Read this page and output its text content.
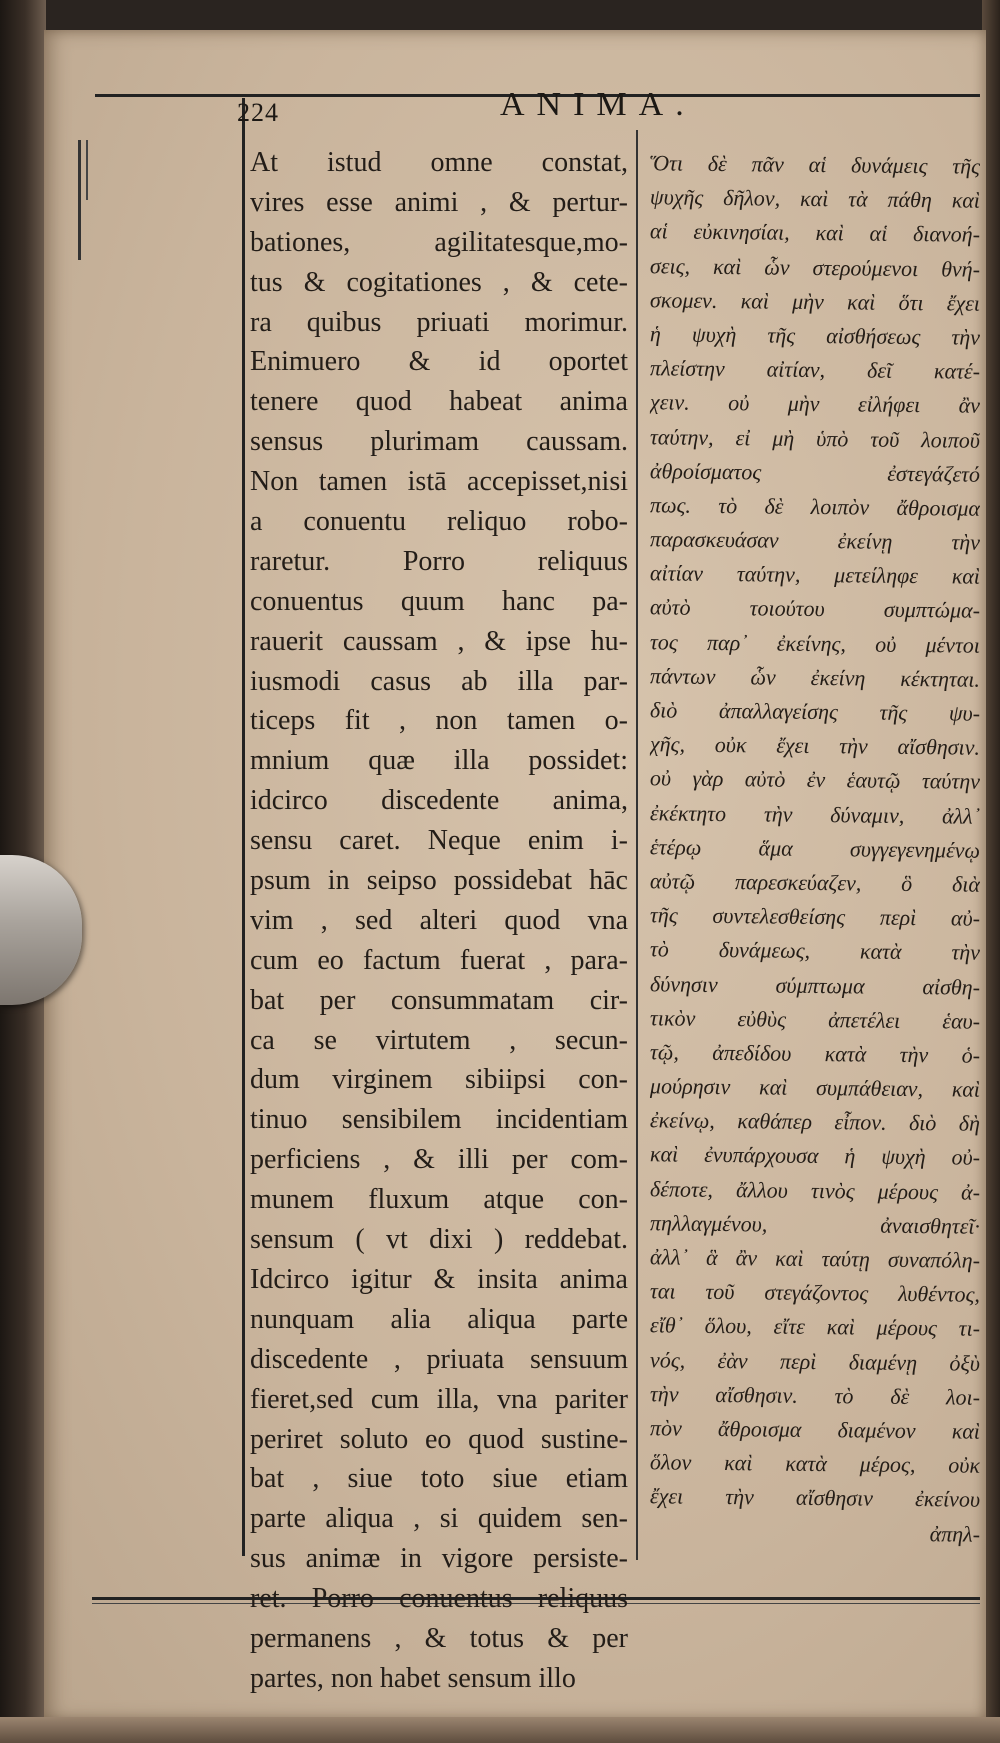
224	ANIMA.
At istud omne constat,
vires esse animi , & pertur-
bationes, agilitatesque,mo-
tus & cogitationes , & cete-
ra quibus priuati morimur.
Enimuero & id oportet
tenere quod habeat anima
sensus plurimam caussam.
Non tamen istā accepisset,nisi
a conuentu reliquo robo-
raretur. Porro reliquus
conuentus quum hanc pa-
rauerit caussam , & ipse hu-
iusmodi casus ab illa par-
ticeps fit , non tamen o-
mnium quæ illa possidet:
idcirco discedente anima,
sensu caret. Neque enim i-
psum in seipso possidebat hāc
vim , sed alteri quod vna
cum eo factum fuerat , para-
bat per consummatam cir-
ca se virtutem , secun-
dum virginem sibiipsi con-
tinuo sensibilem incidentiam
perficiens , & illi per com-
munem fluxum atque con-
sensum ( vt dixi ) reddebat.
Idcirco igitur & insita anima
nunquam alia aliqua parte
discedente , priuata sensuum
fieret,sed cum illa, vna pariter
periret soluto eo quod sustine-
bat , siue toto siue etiam
parte aliqua , si quidem sen-
sus animæ in vigore persiste-
ret. Porro conuentus reliquus
permanens , & totus & per
partes, non habet sensum illo
Ὅτι δὲ πᾶν αἱ δυνάμεις τῆς
ψυχῆς δῆλον, καὶ τὰ πάθη καὶ
αἱ εὐκινησίαι, καὶ αἱ διανοή-
σεις, καὶ ὧν στερούμενοι θνή-
σκομεν. καὶ μὴν καὶ ὅτι ἔχει
ἡ ψυχὴ τῆς αἰσθήσεως τὴν
πλείστην αἰτίαν, δεῖ κατέ-
χειν. οὐ μὴν εἰλήφει ἂν
ταύτην, εἰ μὴ ὑπὸ τοῦ λοιποῦ
ἀθροίσματος ἐστεγάζετό
πως. τὸ δὲ λοιπὸν ἄθροισμα
παρασκευάσαν ἐκείνῃ τὴν
αἰτίαν ταύτην, μετείληφε καὶ
αὐτὸ τοιούτου συμπτώμα-
τος παρ᾽ ἐκείνης, οὐ μέντοι
πάντων ὧν ἐκείνη κέκτηται.
διὸ ἀπαλλαγείσης τῆς ψυ-
χῆς, οὐκ ἔχει τὴν αἴσθησιν.
οὐ γὰρ αὐτὸ ἐν ἑαυτῷ ταύτην
ἐκέκτητο τὴν δύναμιν, ἀλλ᾽
ἑτέρῳ ἅμα συγγεγενημένῳ
αὐτῷ παρεσκεύαζεν, ὃ διὰ
τῆς συντελεσθείσης περὶ αὐ-
τὸ δυνάμεως, κατὰ τὴν
δύνησιν σύμπτωμα αἰσθη-
τικὸν εὐθὺς ἀπετέλει ἑαυ-
τῷ, ἀπεδίδου κατὰ τὴν ὁ-
μούρησιν καὶ συμπάθειαν, καὶ
ἐκείνῳ, καθάπερ εἶπον. διὸ δὴ
καὶ ἐνυπάρχουσα ἡ ψυχὴ οὐ-
δέποτε, ἄλλου τινὸς μέρους ἀ-
πηλλαγμένου, ἀναισθητεῖ·
ἀλλ᾽ ἃ ἂν καὶ ταύτῃ συναπόλη-
ται τοῦ στεγάζοντος λυθέντος,
εἴθ᾽ ὅλου, εἴτε καὶ μέρους τι-
νός, ἐὰν περὶ διαμένῃ ὀξὺ
τὴν αἴσθησιν. τὸ δὲ λοι-
πὸν ἄθροισμα διαμένον καὶ
ὅλον καὶ κατὰ μέρος, οὐκ
ἔχει τὴν αἴσθησιν ἐκείνου
ἀπηλ-
